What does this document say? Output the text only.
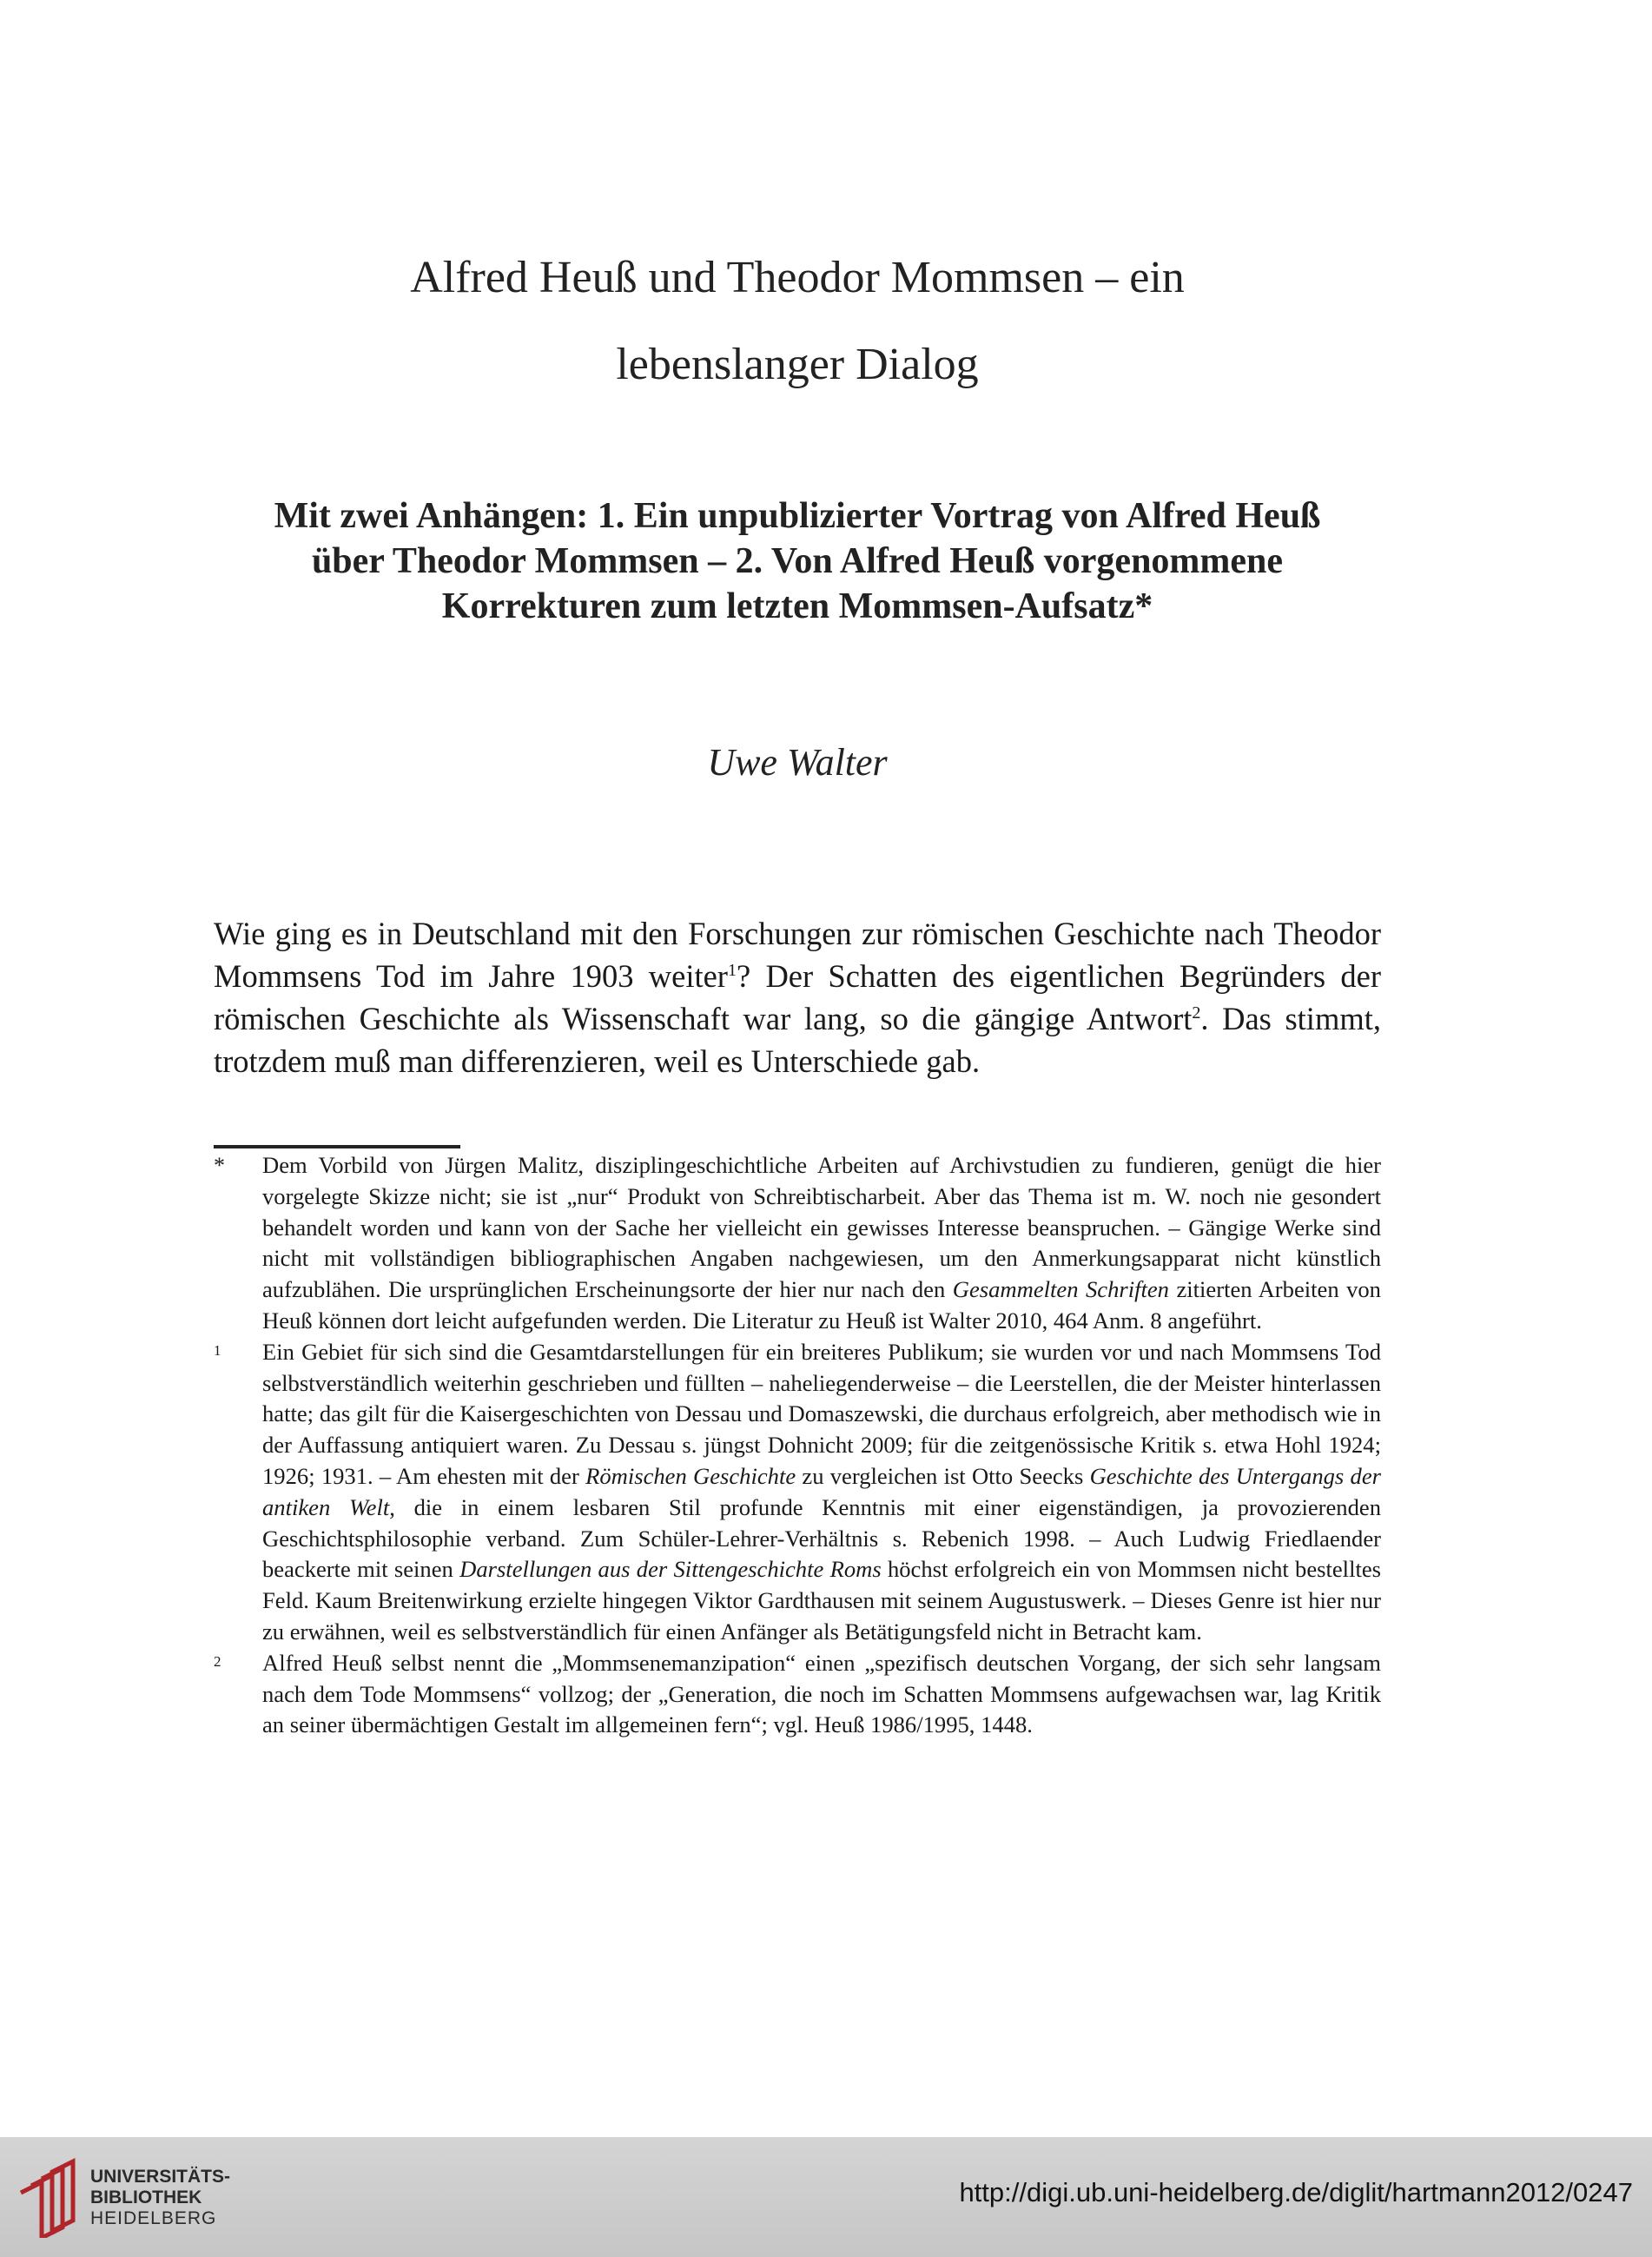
Alfred Heuß und Theodor Mommsen – ein
lebenslanger Dialog
Mit zwei Anhängen: 1. Ein unpublizierter Vortrag von Alfred Heuß
über Theodor Mommsen – 2. Von Alfred Heuß vorgenommene
Korrekturen zum letzten Mommsen-Aufsatz*
Uwe Walter

Wie ging es in Deutschland mit den Forschungen zur römischen Geschichte nach Theodor Mommsens Tod im Jahre 1903 weiter$^1$? Der Schatten des eigentlichen Begründers der römischen Geschichte als Wissenschaft war lang, so die gängige Antwort$^2$. Das stimmt, trotzdem muß man differenzieren, weil es Unterschiede gab.

*	Dem Vorbild von Jürgen Malitz, disziplingeschichtliche Arbeiten auf Archivstudien zu fundieren, genügt die hier vorgelegte Skizze nicht; sie ist „nur“ Produkt von Schreibtischarbeit. Aber das Thema ist m. W. noch nie gesondert behandelt worden und kann von der Sache her vielleicht ein gewisses Interesse beanspruchen. – Gängige Werke sind nicht mit vollständigen bibliographischen Angaben nachgewiesen, um den Anmerkungsapparat nicht künstlich aufzublähen. Die ursprünglichen Erscheinungsorte der hier nur nach den Gesammelten Schriften zitierten Arbeiten von Heuß können dort leicht aufgefunden werden. Die Literatur zu Heuß ist Walter 2010, 464 Anm. 8 angeführt.

1	Ein Gebiet für sich sind die Gesamtdarstellungen für ein breiteres Publikum; sie wurden vor und nach Mommsens Tod selbstverständlich weiterhin geschrieben und füllten – naheliegenderweise – die Leerstellen, die der Meister hinterlassen hatte; das gilt für die Kaisergeschichten von Dessau und Domaszewski, die durchaus erfolgreich, aber methodisch wie in der Auffassung antiquiert waren. Zu Dessau s. jüngst Dohnicht 2009; für die zeitgenössische Kritik s. etwa Hohl 1924; 1926; 1931. – Am ehesten mit der Römischen Geschichte zu vergleichen ist Otto Seecks Geschichte des Untergangs der antiken Welt, die in einem lesbaren Stil profunde Kenntnis mit einer eigenständigen, ja provozierenden Geschichtsphilosophie verband. Zum Schüler-Lehrer-Verhältnis s. Rebenich 1998. – Auch Ludwig Friedlaender beackerte mit seinen Darstellungen aus der Sittengeschichte Roms höchst erfolgreich ein von Mommsen nicht bestelltes Feld. Kaum Breitenwirkung erzielte hingegen Viktor Gardthausen mit seinem Augustuswerk. – Dieses Genre ist hier nur zu erwähnen, weil es selbstverständlich für einen Anfänger als Betätigungsfeld nicht in Betracht kam.

2	Alfred Heuß selbst nennt die „Mommsenemanzipation“ einen „spezifisch deutschen Vorgang, der sich sehr langsam nach dem Tode Mommsens“ vollzog; der „Generation, die noch im Schatten Mommsens aufgewachsen war, lag Kritik an seiner übermächtigen Gestalt im allgemeinen fern“; vgl. Heuß 1986/1995, 1448.

UNIVERSITÄTS-
BIBLIOTHEK
HEIDELBERG
http://digi.ub.uni-heidelberg.de/diglit/hartmann2012/0247
